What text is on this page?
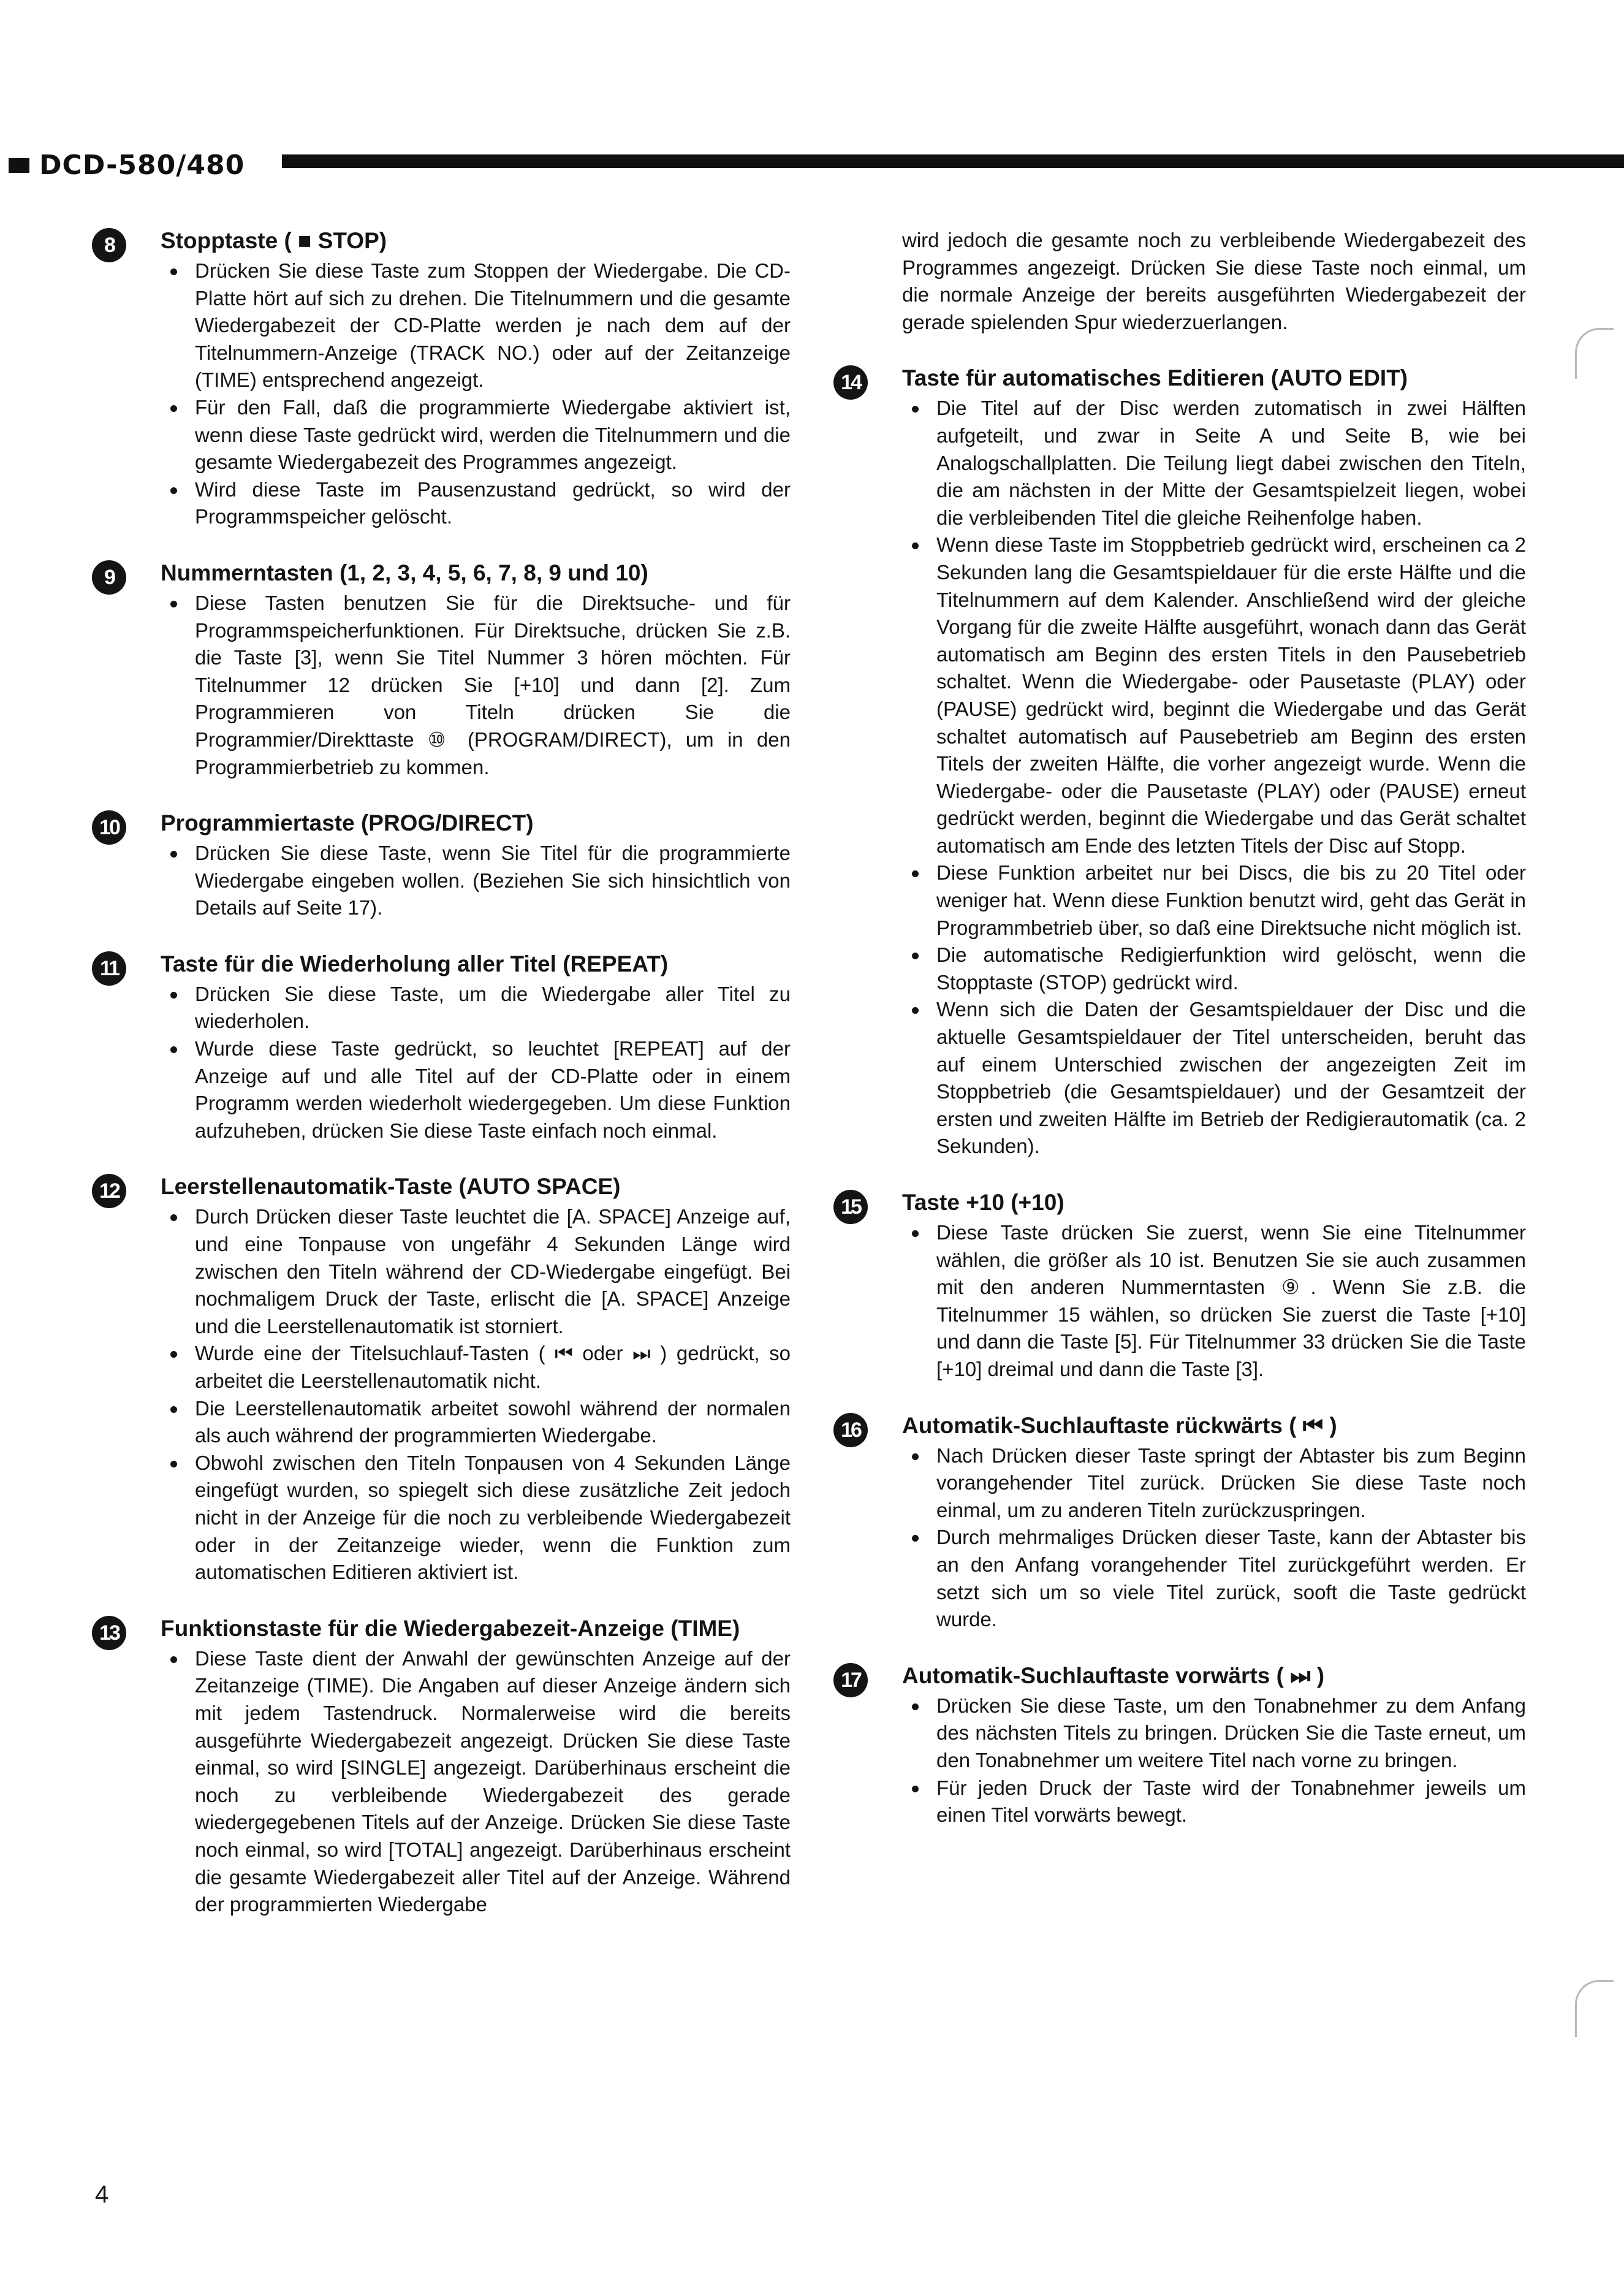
DCD-580/480
8	Stopptaste ( ■ STOP)
Drücken Sie diese Taste zum Stoppen der Wiedergabe. Die CD-Platte hört auf sich zu drehen. Die Titelnummern und die gesamte Wiedergabezeit der CD-Platte werden je nach dem auf der Titelnummern-Anzeige (TRACK NO.) oder auf der Zeitanzeige (TIME) entsprechend angezeigt.
Für den Fall, daß die programmierte Wiedergabe aktiviert ist, wenn diese Taste gedrückt wird, werden die Titelnummern und die gesamte Wiedergabezeit des Programmes angezeigt.
Wird diese Taste im Pausenzustand gedrückt, so wird der Programmspeicher gelöscht.
9	Nummerntasten (1, 2, 3, 4, 5, 6, 7, 8, 9 und 10)
Diese Tasten benutzen Sie für die Direktsuche- und für Programmspeicherfunktionen. Für Direktsuche, drücken Sie z.B. die Taste [3], wenn Sie Titel Nummer 3 hören möchten. Für Titelnummer 12 drücken Sie [+10] und dann [2]. Zum Programmieren von Titeln drücken Sie die Programmier/Direkttaste ⑩ (PROGRAM/DIRECT), um in den Programmierbetrieb zu kommen.
10	Programmiertaste (PROG/DIRECT)
Drücken Sie diese Taste, wenn Sie Titel für die programmierte Wiedergabe eingeben wollen. (Beziehen Sie sich hinsichtlich von Details auf Seite 17).
11	Taste für die Wiederholung aller Titel (REPEAT)
Drücken Sie diese Taste, um die Wiedergabe aller Titel zu wiederholen.
Wurde diese Taste gedrückt, so leuchtet [REPEAT] auf der Anzeige auf und alle Titel auf der CD-Platte oder in einem Programm werden wiederholt wiedergegeben. Um diese Funktion aufzuheben, drücken Sie diese Taste einfach noch einmal.
12	Leerstellenautomatik-Taste (AUTO SPACE)
Durch Drücken dieser Taste leuchtet die [A. SPACE] Anzeige auf, und eine Tonpause von ungefähr 4 Sekunden Länge wird zwischen den Titeln während der CD-Wiedergabe eingefügt. Bei nochmaligem Druck der Taste, erlischt die [A. SPACE] Anzeige und die Leerstellenautomatik ist storniert.
Wurde eine der Titelsuchlauf-Tasten ( ⏮ oder ⏭ ) gedrückt, so arbeitet die Leerstellenautomatik nicht.
Die Leerstellenautomatik arbeitet sowohl während der normalen als auch während der programmierten Wiedergabe.
Obwohl zwischen den Titeln Tonpausen von 4 Sekunden Länge eingefügt wurden, so spiegelt sich diese zusätzliche Zeit jedoch nicht in der Anzeige für die noch zu verbleibende Wiedergabezeit oder in der Zeitanzeige wieder, wenn die Funktion zum automatischen Editieren aktiviert ist.
13	Funktionstaste für die Wiedergabezeit-Anzeige (TIME)
Diese Taste dient der Anwahl der gewünschten Anzeige auf der Zeitanzeige (TIME). Die Angaben auf dieser Anzeige ändern sich mit jedem Tastendruck. Normalerweise wird die bereits ausgeführte Wiedergabezeit angezeigt. Drücken Sie diese Taste einmal, so wird [SINGLE] angezeigt. Darüberhinaus erscheint die noch zu verbleibende Wiedergabezeit des gerade wiedergegebenen Titels auf der Anzeige. Drücken Sie diese Taste noch einmal, so wird [TOTAL] angezeigt. Darüberhinaus erscheint die gesamte Wiedergabezeit aller Titel auf der Anzeige. Während der programmierten Wiedergabe
wird jedoch die gesamte noch zu verbleibende Wiedergabezeit des Programmes angezeigt. Drücken Sie diese Taste noch einmal, um die normale Anzeige der bereits ausgeführten Wiedergabezeit der gerade spielenden Spur wiederzuerlangen.
14	Taste für automatisches Editieren (AUTO EDIT)
Die Titel auf der Disc werden zutomatisch in zwei Hälften aufgeteilt, und zwar in Seite A und Seite B, wie bei Analogschallplatten. Die Teilung liegt dabei zwischen den Titeln, die am nächsten in der Mitte der Gesamtspielzeit liegen, wobei die verbleibenden Titel die gleiche Reihenfolge haben.
Wenn diese Taste im Stoppbetrieb gedrückt wird, erscheinen ca 2 Sekunden lang die Gesamtspieldauer für die erste Hälfte und die Titelnummern auf dem Kalender. Anschließend wird der gleiche Vorgang für die zweite Hälfte ausgeführt, wonach dann das Gerät automatisch am Beginn des ersten Titels in den Pausebetrieb schaltet. Wenn die Wiedergabe- oder Pausetaste (PLAY) oder (PAUSE) gedrückt wird, beginnt die Wiedergabe und das Gerät schaltet automatisch auf Pausebetrieb am Beginn des ersten Titels der zweiten Hälfte, die vorher angezeigt wurde. Wenn die Wiedergabe- oder die Pausetaste (PLAY) oder (PAUSE) erneut gedrückt werden, beginnt die Wiedergabe und das Gerät schaltet automatisch am Ende des letzten Titels der Disc auf Stopp.
Diese Funktion arbeitet nur bei Discs, die bis zu 20 Titel oder weniger hat. Wenn diese Funktion benutzt wird, geht das Gerät in Programmbetrieb über, so daß eine Direktsuche nicht möglich ist.
Die automatische Redigierfunktion wird gelöscht, wenn die Stopptaste (STOP) gedrückt wird.
Wenn sich die Daten der Gesamtspieldauer der Disc und die aktuelle Gesamtspieldauer der Titel unterscheiden, beruht das auf einem Unterschied zwischen der angezeigten Zeit im Stoppbetrieb (die Gesamtspieldauer) und der Gesamtzeit der ersten und zweiten Hälfte im Betrieb der Redigierautomatik (ca. 2 Sekunden).
15	Taste +10 (+10)
Diese Taste drücken Sie zuerst, wenn Sie eine Titelnummer wählen, die größer als 10 ist. Benutzen Sie sie auch zusammen mit den anderen Nummerntasten ⑨. Wenn Sie z.B. die Titelnummer 15 wählen, so drücken Sie zuerst die Taste [+10] und dann die Taste [5]. Für Titelnummer 33 drücken Sie die Taste [+10] dreimal und dann die Taste [3].
16	Automatik-Suchlauftaste rückwärts ( ⏮ )
Nach Drücken dieser Taste springt der Abtaster bis zum Beginn vorangehender Titel zurück. Drücken Sie diese Taste noch einmal, um zu anderen Titeln zurückzuspringen.
Durch mehrmaliges Drücken dieser Taste, kann der Abtaster bis an den Anfang vorangehender Titel zurückgeführt werden. Er setzt sich um so viele Titel zurück, sooft die Taste gedrückt wurde.
17	Automatik-Suchlauftaste vorwärts ( ⏭ )
Drücken Sie diese Taste, um den Tonabnehmer zu dem Anfang des nächsten Titels zu bringen. Drücken Sie die Taste erneut, um den Tonabnehmer um weitere Titel nach vorne zu bringen.
Für jeden Druck der Taste wird der Tonabnehmer jeweils um einen Titel vorwärts bewegt.
4
